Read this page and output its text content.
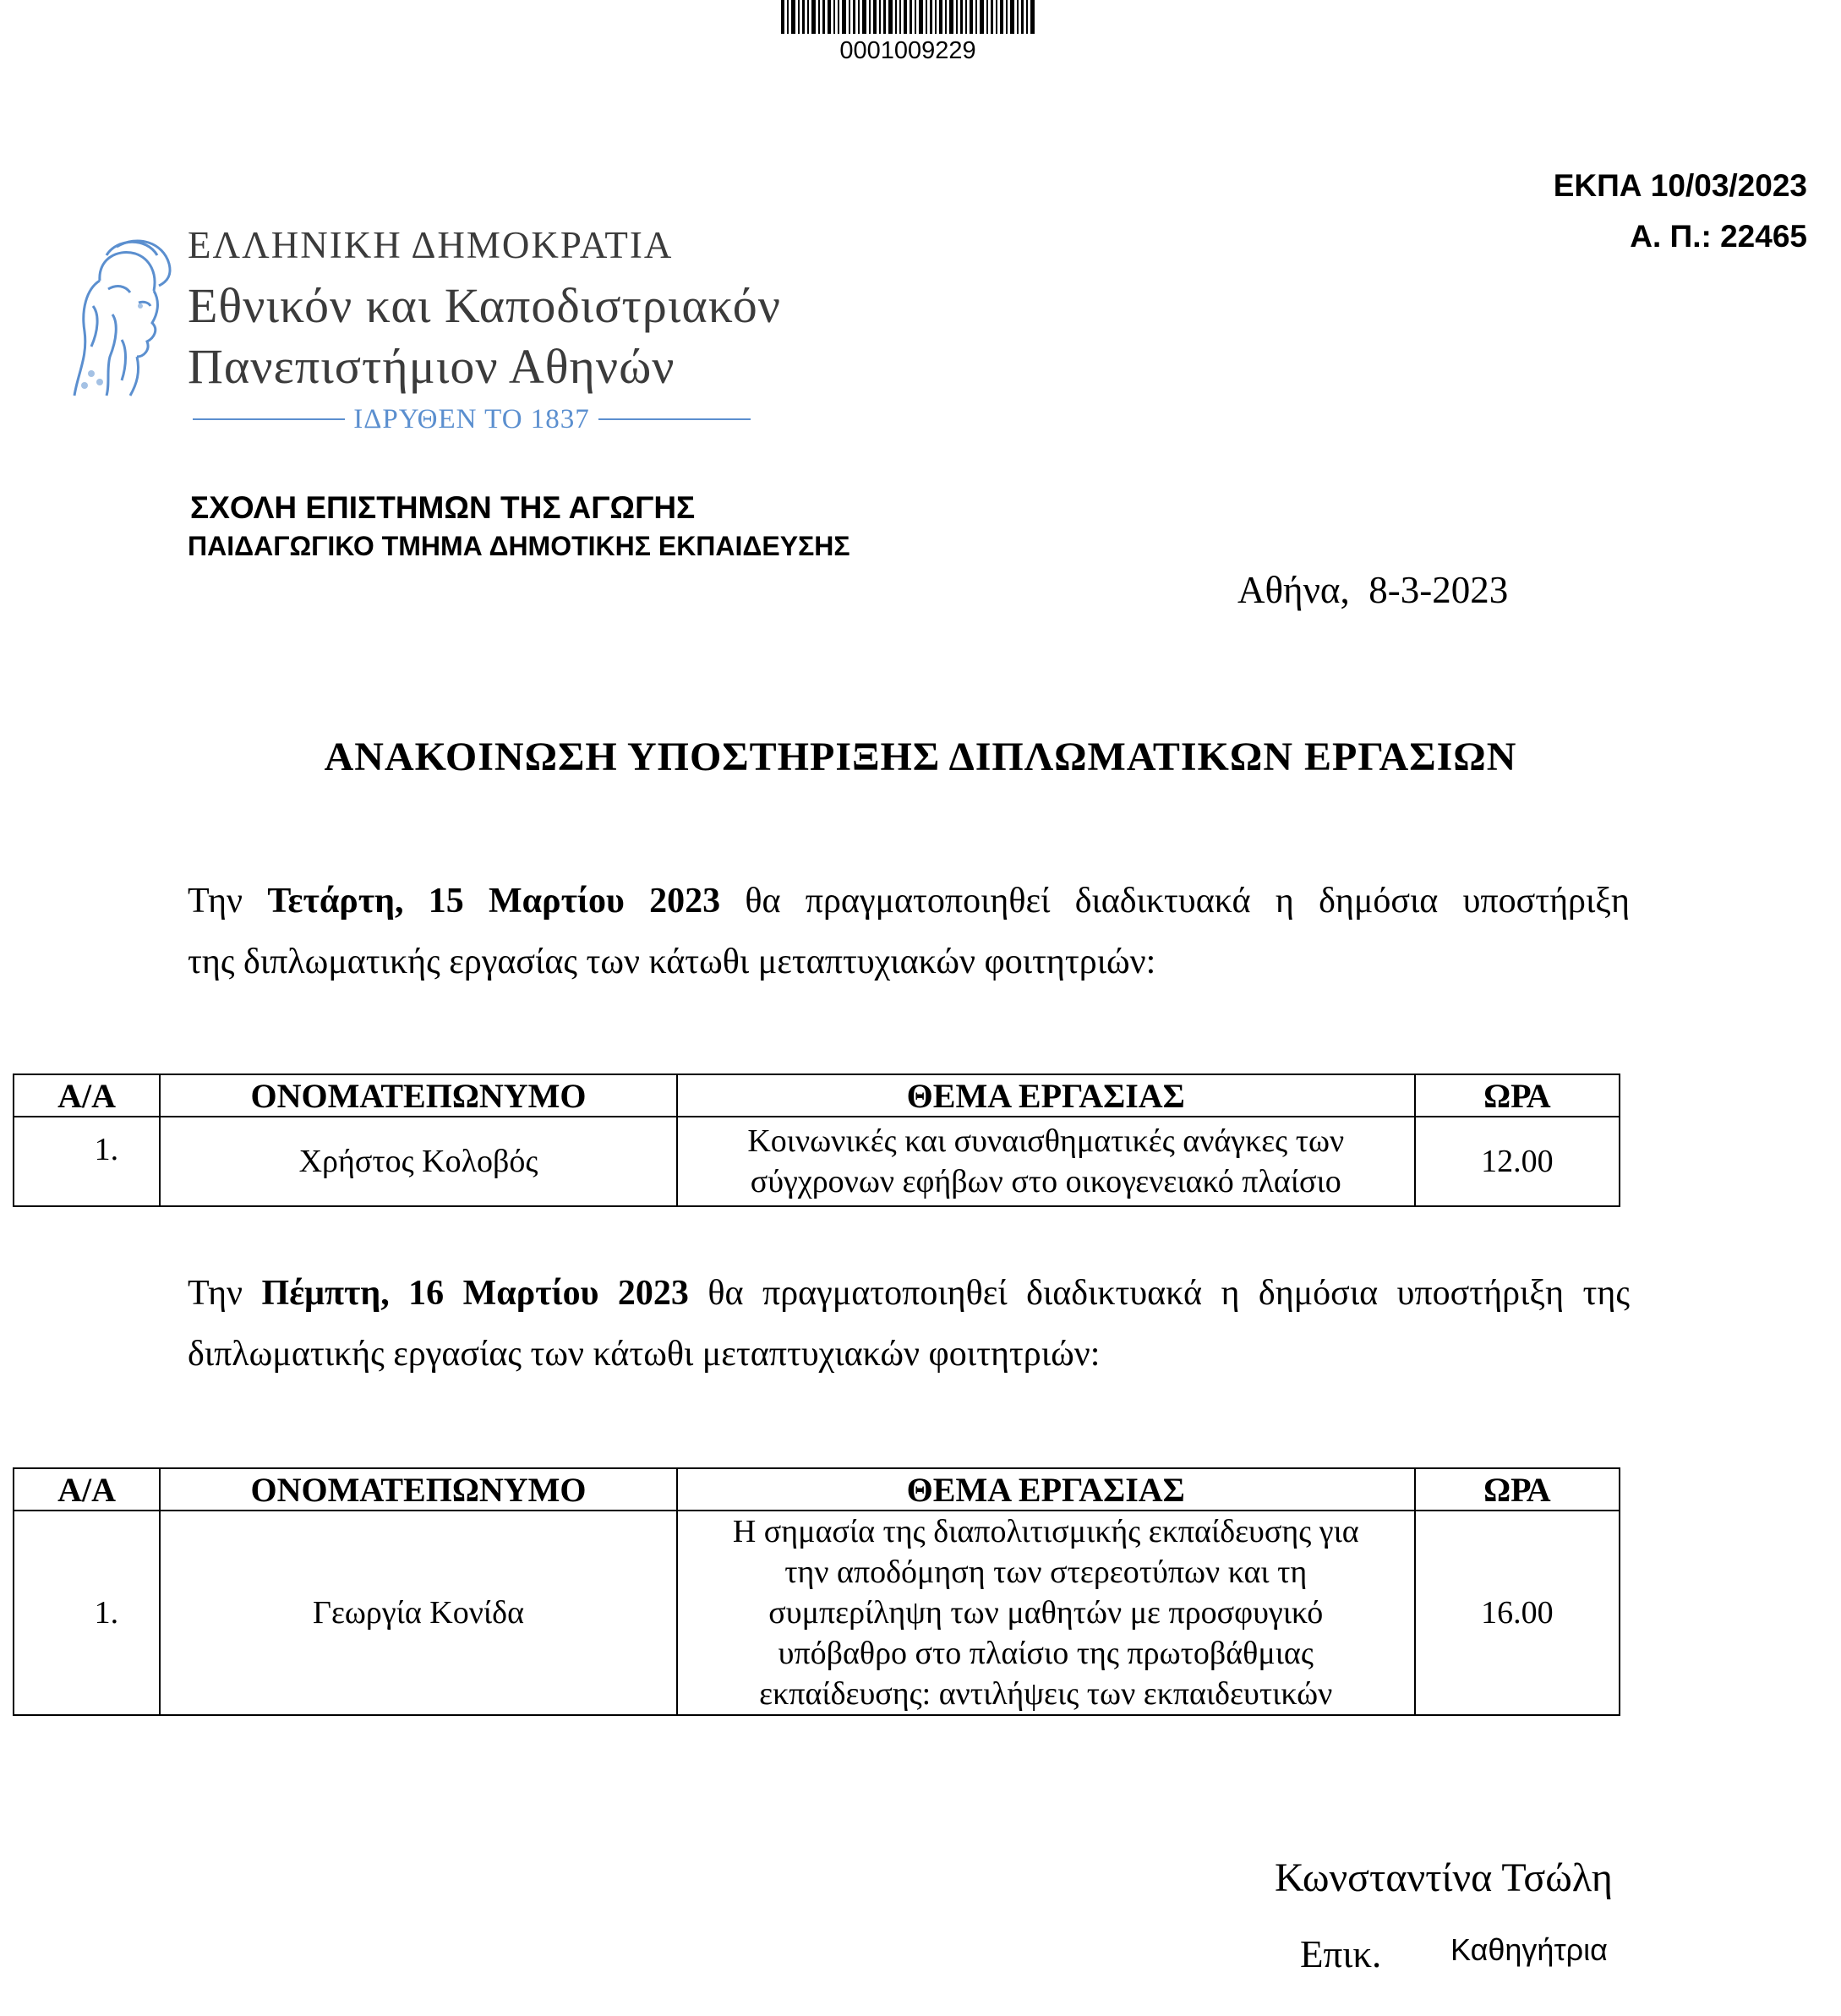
0001009229
ΕΚΠΑ 10/03/2023
Α. Π.: 22465
ΕΛΛΗΝΙΚΗ ΔΗΜΟΚΡΑΤΙΑ
Εθνικόν και Καποδιστριακόν
Πανεπιστήμιον Αθηνών
ΙΔΡΥΘΕΝ ΤΟ 1837
ΣΧΟΛΗ ΕΠΙΣΤΗΜΩΝ ΤΗΣ ΑΓΩΓΗΣ
ΠΑΙΔΑΓΩΓΙΚΟ ΤΜΗΜΑ ΔΗΜΟΤΙΚΗΣ ΕΚΠΑΙΔΕΥΣΗΣ
Αθήνα,  8-3-2023
ΑΝΑΚΟΙΝΩΣΗ ΥΠΟΣΤΗΡΙΞΗΣ ΔΙΠΛΩΜΑΤΙΚΩΝ ΕΡΓΑΣΙΩΝ
Την Τετάρτη, 15 Μαρτίου 2023 θα πραγματοποιηθεί διαδικτυακά η δημόσια υποστήριξη
της διπλωματικής εργασίας των κάτωθι μεταπτυχιακών φοιτητριών:
Α/Α	ΟΝΟΜΑΤΕΠΩΝΥΜΟ	ΘΕΜΑ ΕΡΓΑΣΙΑΣ	ΩΡΑ
1.	Χρήστος Κολοβός	Κοινωνικές και συναισθηματικές ανάγκες των
σύγχρονων εφήβων στο οικογενειακό πλαίσιο	12.00
Την Πέμπτη, 16 Μαρτίου 2023 θα πραγματοποιηθεί διαδικτυακά η δημόσια υποστήριξη της
διπλωματικής εργασίας των κάτωθι μεταπτυχιακών φοιτητριών:
Α/Α	ΟΝΟΜΑΤΕΠΩΝΥΜΟ	ΘΕΜΑ ΕΡΓΑΣΙΑΣ	ΩΡΑ
1.	Γεωργία Κονίδα	Η σημασία της διαπολιτισμικής εκπαίδευσης για
την αποδόμηση των στερεοτύπων και τη
συμπερίληψη των μαθητών με προσφυγικό
υπόβαθρο στο πλαίσιο της πρωτοβάθμιας
εκπαίδευσης: αντιλήψεις των εκπαιδευτικών	16.00
Κωνσταντίνα Τσώλη
Επικ. Καθηγήτρια
